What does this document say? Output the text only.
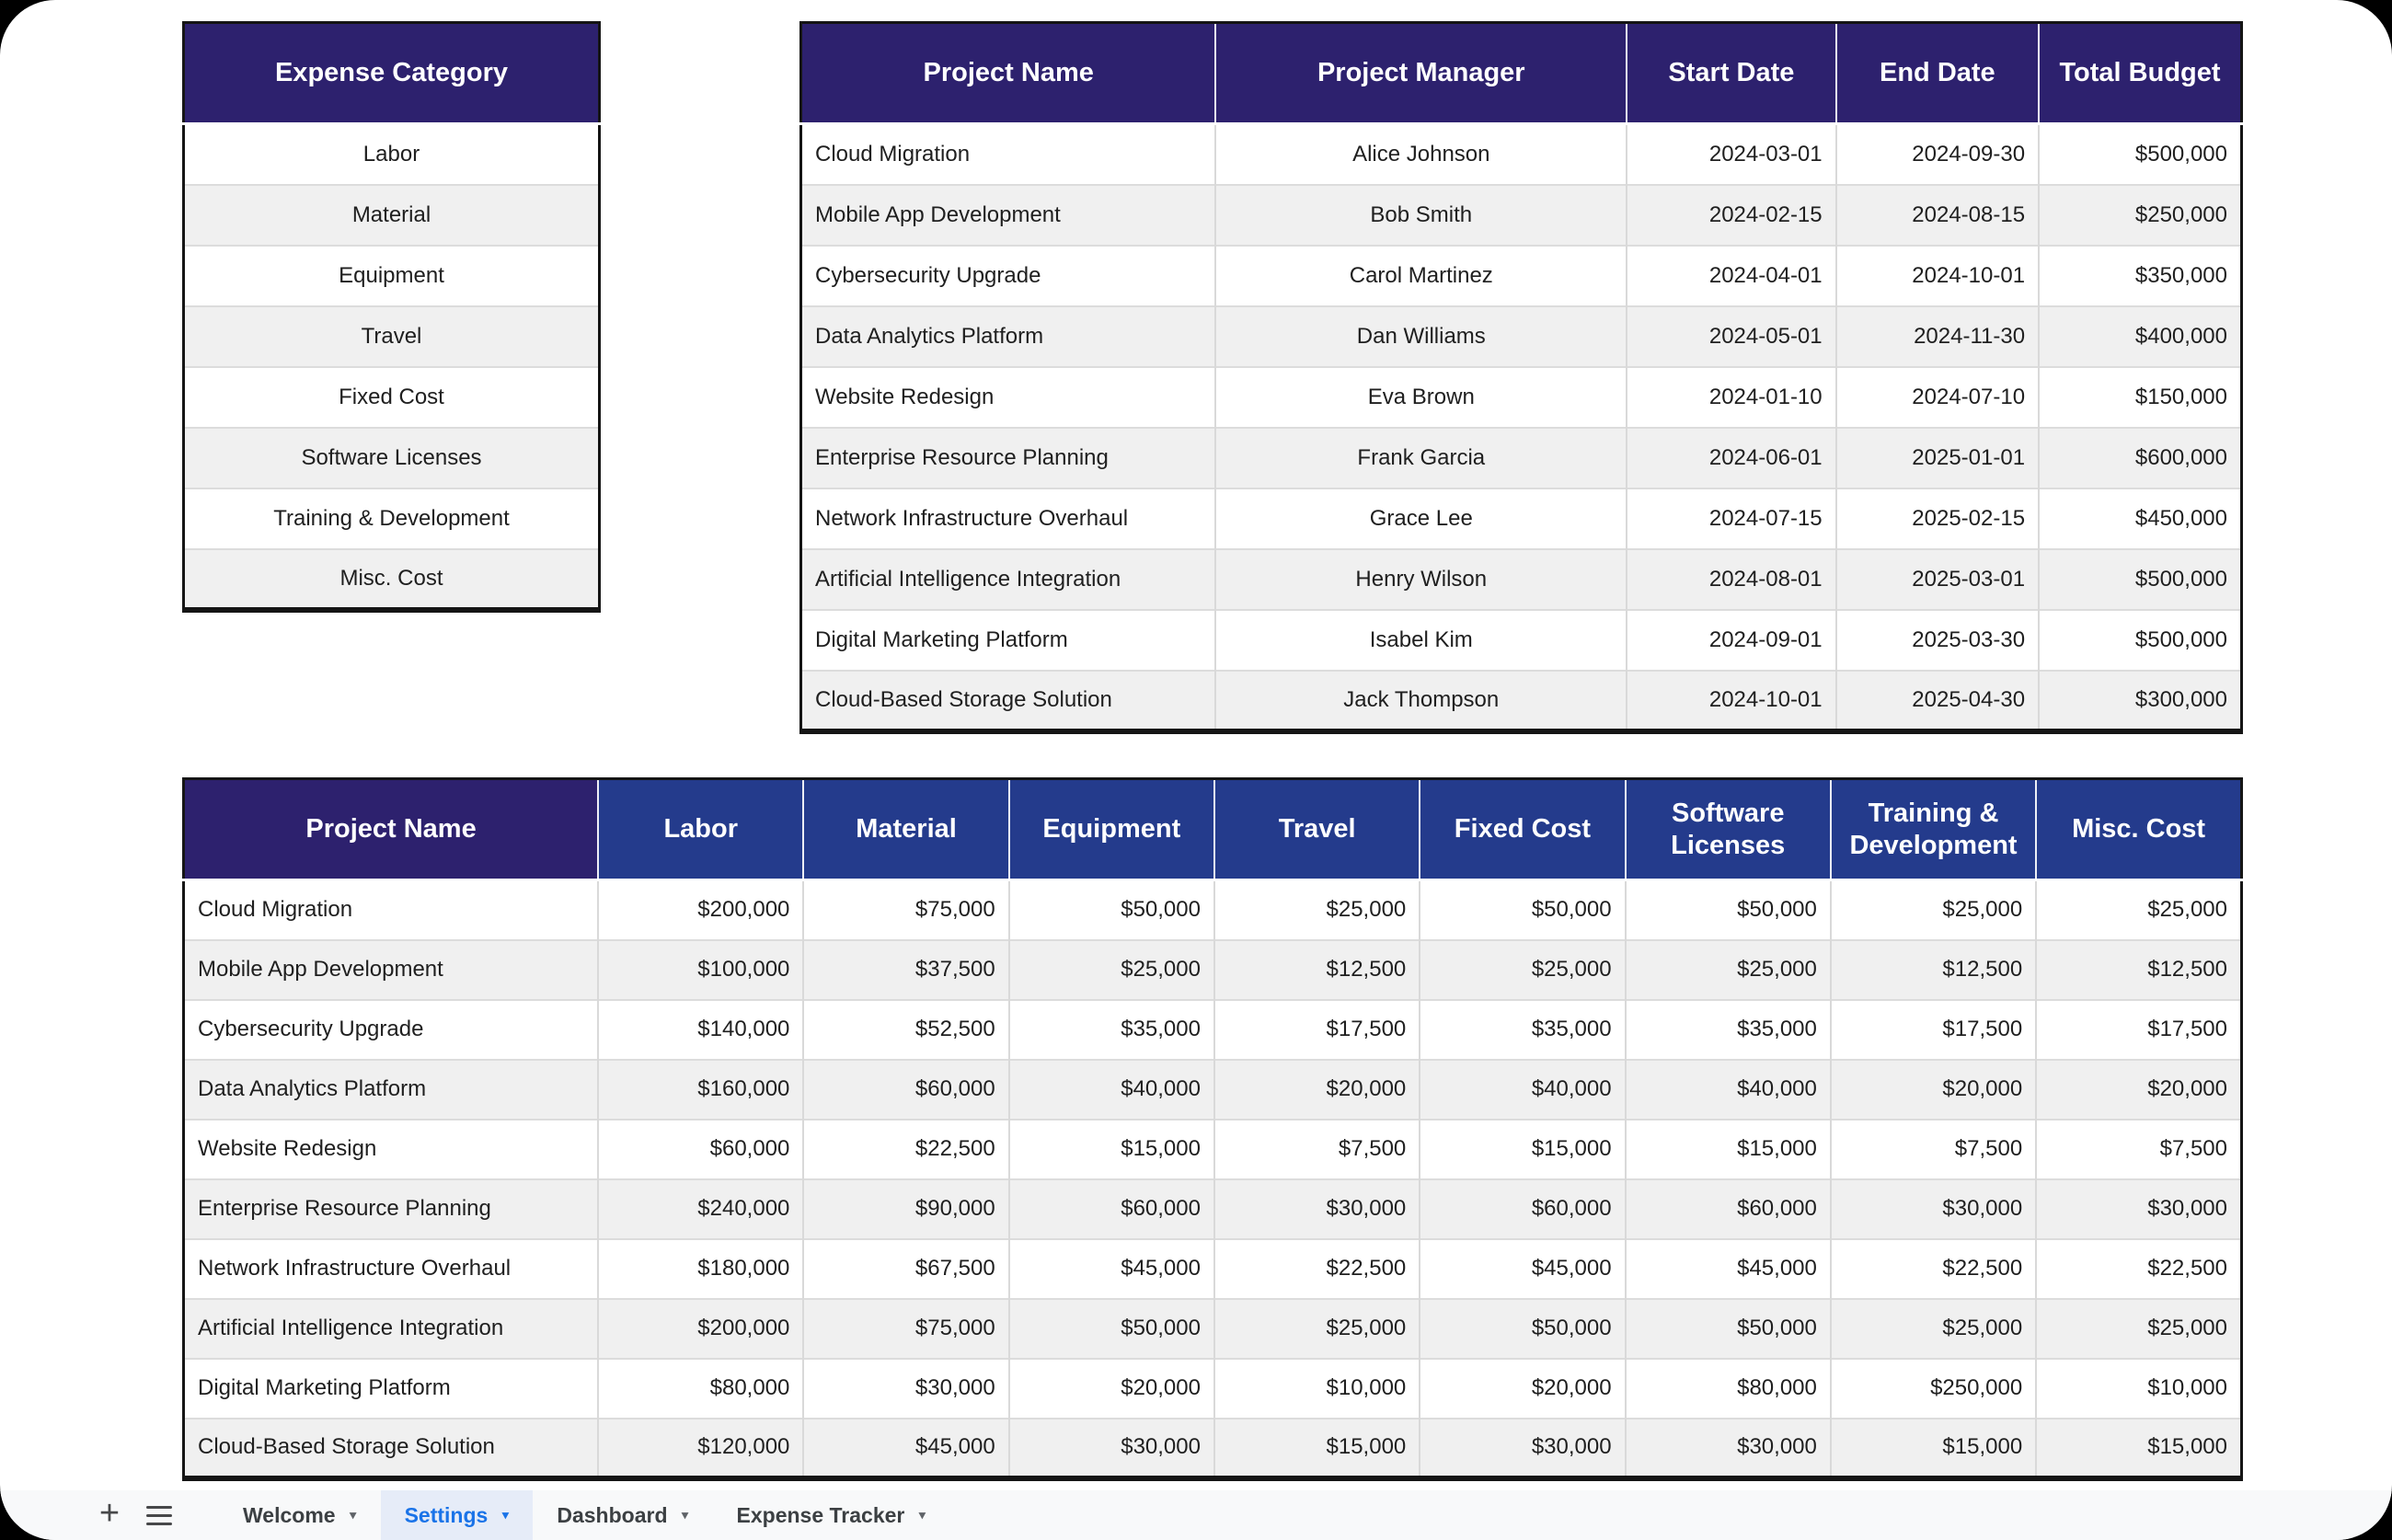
Expense Category
Labor
Material
Equipment
Travel
Fixed Cost
Software Licenses
Training & Development
Misc. Cost
Project Name	Project Manager	Start Date	End Date	Total Budget
Cloud Migration	Alice Johnson	2024-03-01	2024-09-30	$500,000
Mobile App Development	Bob Smith	2024-02-15	2024-08-15	$250,000
Cybersecurity Upgrade	Carol Martinez	2024-04-01	2024-10-01	$350,000
Data Analytics Platform	Dan Williams	2024-05-01	2024-11-30	$400,000
Website Redesign	Eva Brown	2024-01-10	2024-07-10	$150,000
Enterprise Resource Planning	Frank Garcia	2024-06-01	2025-01-01	$600,000
Network Infrastructure Overhaul	Grace Lee	2024-07-15	2025-02-15	$450,000
Artificial Intelligence Integration	Henry Wilson	2024-08-01	2025-03-01	$500,000
Digital Marketing Platform	Isabel Kim	2024-09-01	2025-03-30	$500,000
Cloud-Based Storage Solution	Jack Thompson	2024-10-01	2025-04-30	$300,000
Project Name	Labor	Material	Equipment	Travel	Fixed Cost	Software Licenses	Training & Development	Misc. Cost
Cloud Migration	$200,000	$75,000	$50,000	$25,000	$50,000	$50,000	$25,000	$25,000
Mobile App Development	$100,000	$37,500	$25,000	$12,500	$25,000	$25,000	$12,500	$12,500
Cybersecurity Upgrade	$140,000	$52,500	$35,000	$17,500	$35,000	$35,000	$17,500	$17,500
Data Analytics Platform	$160,000	$60,000	$40,000	$20,000	$40,000	$40,000	$20,000	$20,000
Website Redesign	$60,000	$22,500	$15,000	$7,500	$15,000	$15,000	$7,500	$7,500
Enterprise Resource Planning	$240,000	$90,000	$60,000	$30,000	$60,000	$60,000	$30,000	$30,000
Network Infrastructure Overhaul	$180,000	$67,500	$45,000	$22,500	$45,000	$45,000	$22,500	$22,500
Artificial Intelligence Integration	$200,000	$75,000	$50,000	$25,000	$50,000	$50,000	$25,000	$25,000
Digital Marketing Platform	$80,000	$30,000	$20,000	$10,000	$20,000	$80,000	$250,000	$10,000
Cloud-Based Storage Solution	$120,000	$45,000	$30,000	$15,000	$30,000	$30,000	$15,000	$15,000
+	Welcome ▾ Settings ▾ Dashboard ▾ Expense Tracker ▾
